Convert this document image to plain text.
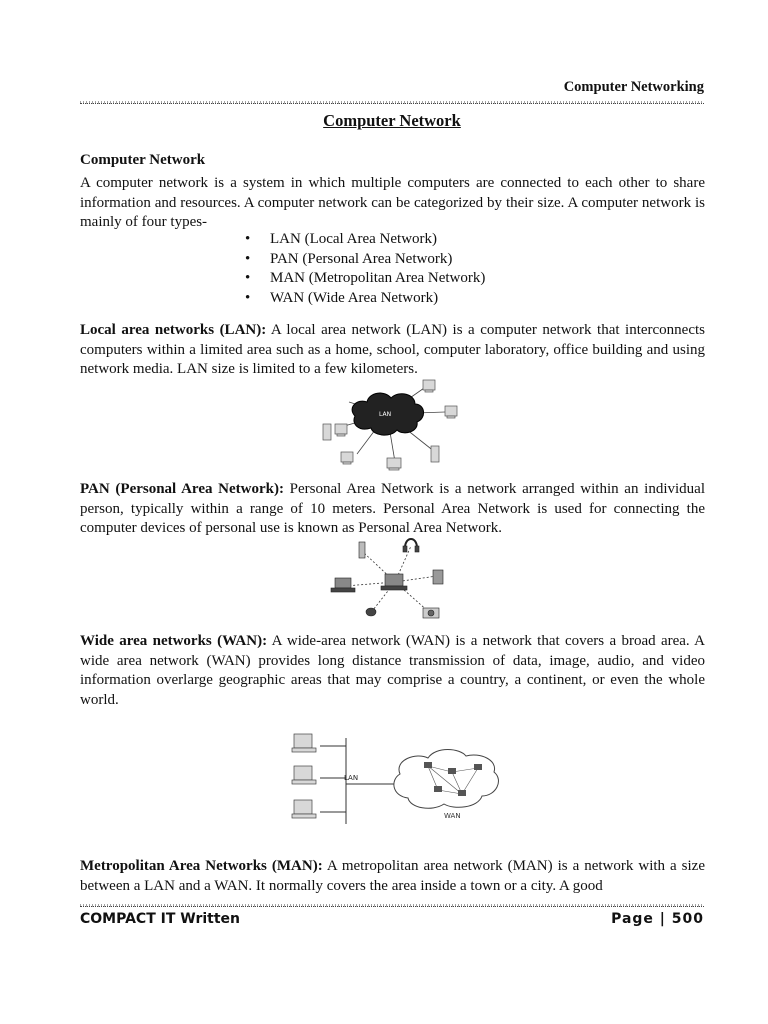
Computer Networking
Computer Network
Computer Network

A computer network is a system in which multiple computers are connected to each other to share information and resources. A computer network can be categorized by their size. A computer network is mainly of four types-

• LAN (Local Area Network)
• PAN (Personal Area Network)
• MAN (Metropolitan Area Network)
• WAN (Wide Area Network)

Local area networks (LAN): A local area network (LAN) is a computer network that interconnects computers within a limited area such as a home, school, computer laboratory, office building and using network media. LAN size is limited to a few kilometers.

LAN

PAN (Personal Area Network): Personal Area Network is a network arranged within an individual person, typically within a range of 10 meters. Personal Area Network is used for connecting the computer devices of personal use is known as Personal Area Network.

Wide area networks (WAN): A wide-area network (WAN) is a network that covers a broad area. A wide area network (WAN) provides long distance transmission of data, image, audio, and video information overlarge geographic areas that may comprise a country, a continent, or even the whole world.

LAN
WAN

Metropolitan Area Networks (MAN): A metropolitan area network (MAN) is a network with a size between a LAN and a WAN. It normally covers the area inside a town or a city. A good

COMPACT IT Written	Page | 500
